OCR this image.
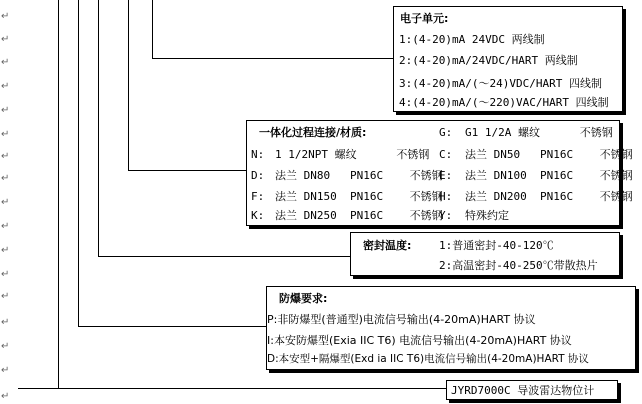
↵
↵
↵
↵
↵
↵
↵
↵
↵
↵
↵
↵
↵
↵
↵
↵
↵
电子单元:
1:(4-20)mA 24VDC 两线制
2:(4-20)mA/24VDC/HART 两线制
3:(4-20)mA/(～24)VDC/HART 四线制
4:(4-20)mA/(～220)VAC/HART 四线制
一体化过程连接/材质:	G: G1 1/2A 螺纹      不锈钢
N: 1 1/2NPT 螺纹      不锈钢 C: 法兰 DN50   PN16C    不锈钢
D: 法兰 DN80   PN16C    不锈钢
E: 法兰 DN100  PN16C    不锈钢
F: 法兰 DN150  PN16C    不锈钢
H: 法兰 DN200  PN16C    不锈钢
K: 法兰 DN250  PN16C    不锈钢
Y: 特殊约定
密封温度:	1:普通密封-40-120℃
2:高温密封-40-250℃带散热片
防爆要求:
P:非防爆型(普通型)电流信号输出(4-20mA)HART 协议
I:本安防爆型(Exia IIC T6) 电流信号输出(4-20mA)HART 协议
D:本安型+隔爆型(Exd ia IIC T6)电流信号输出(4-20mA)HART 协议
JYRD7000C 导波雷达物位计
